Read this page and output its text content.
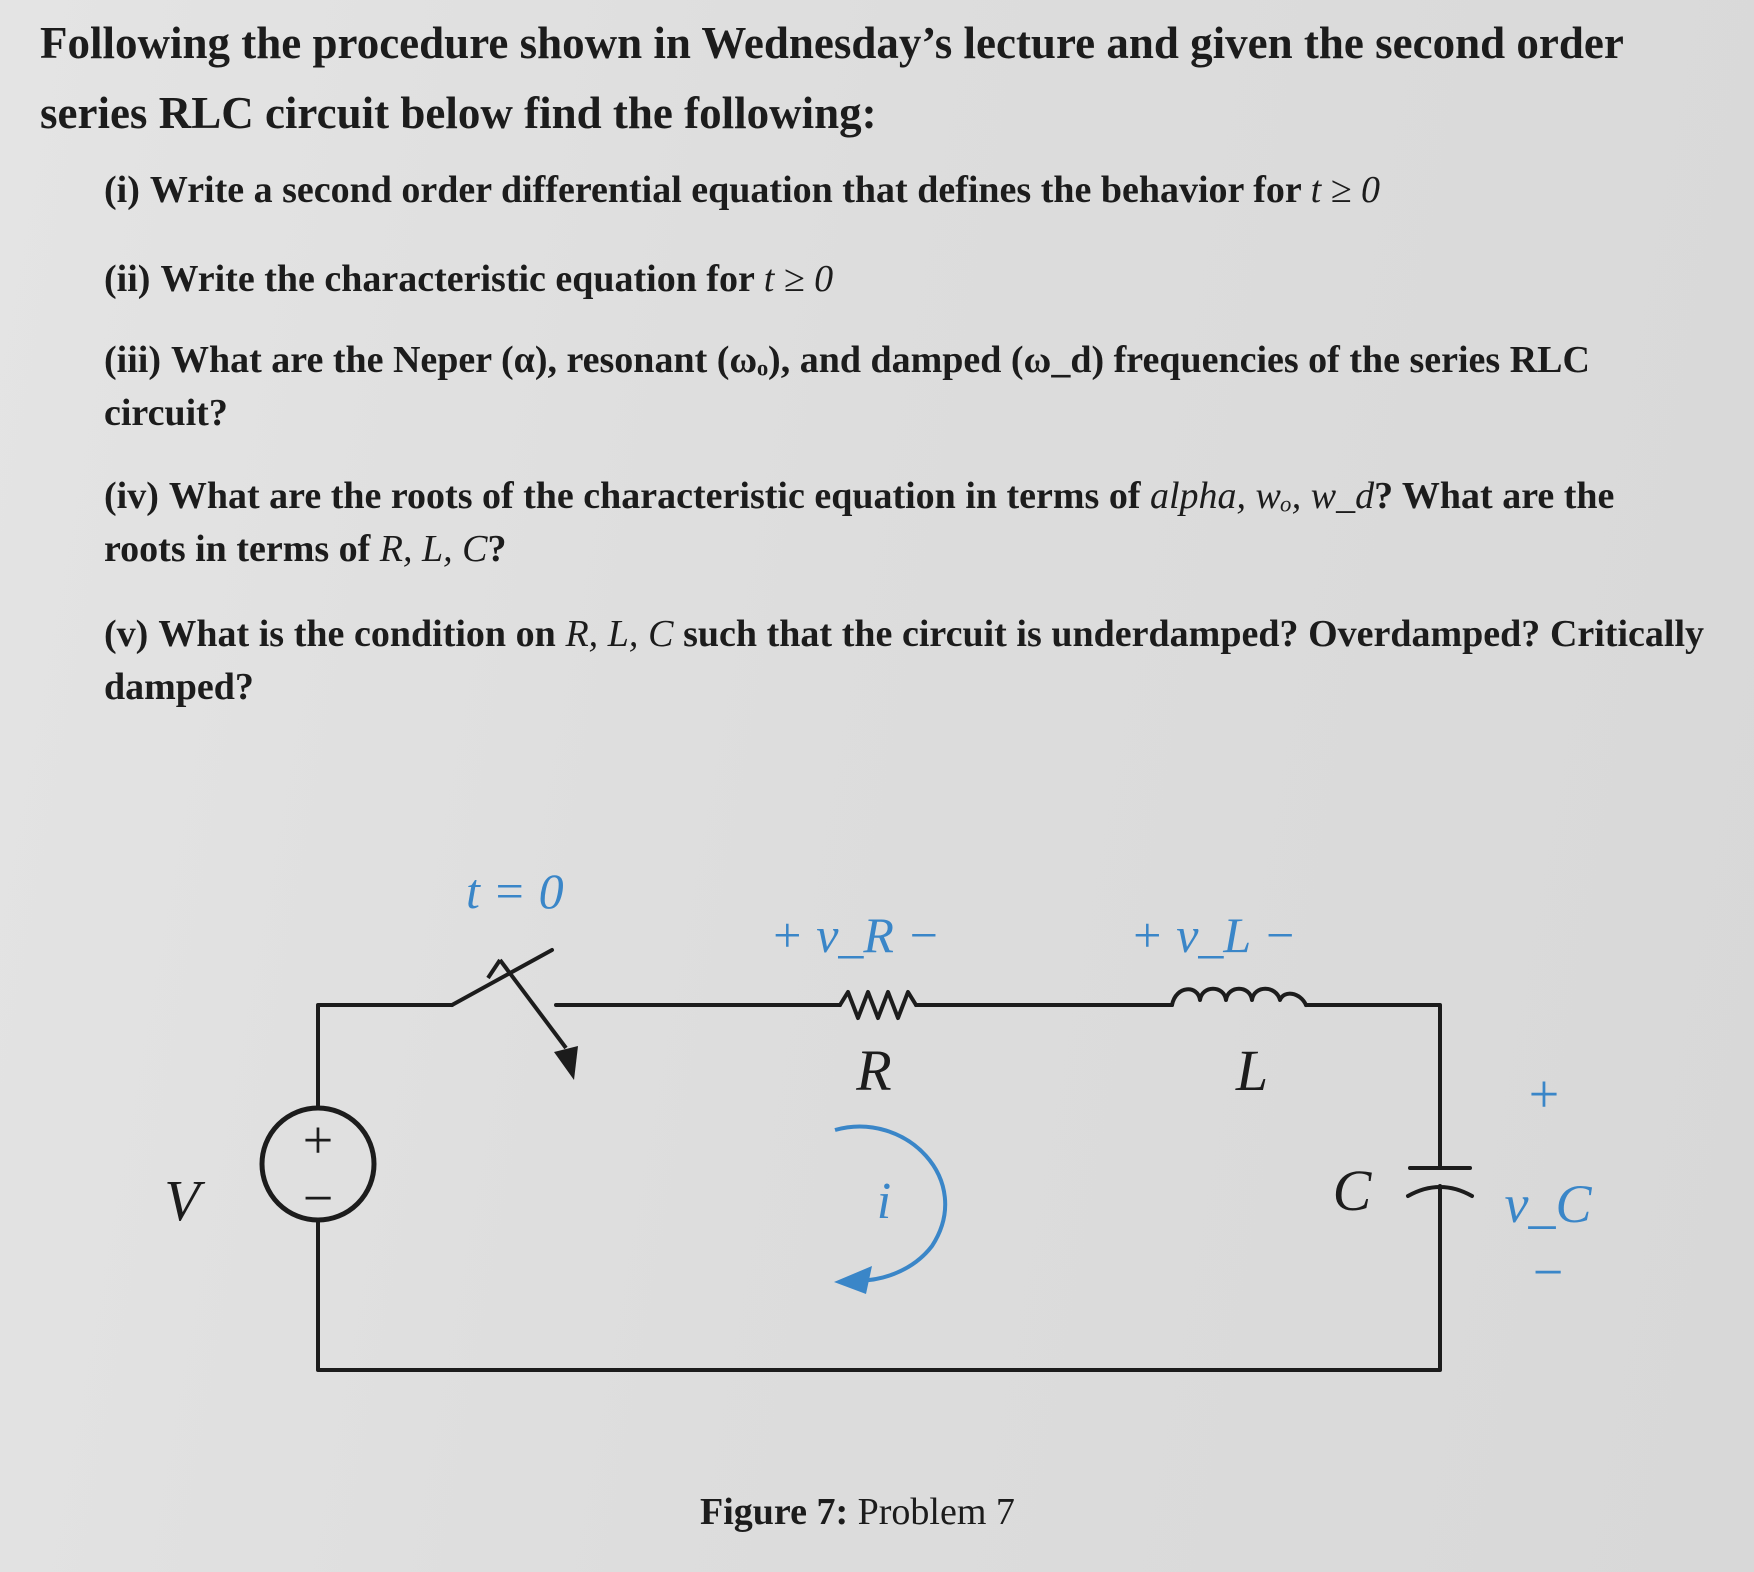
Following the procedure shown in Wednesday’s lecture and given the second order series RLC circuit below find the following:

(i) Write a second order differential equation that defines the behavior for t ≥ 0

(ii) Write the characteristic equation for t ≥ 0

(iii) What are the Neper (α), resonant (ωₒ), and damped (ω_d) frequencies of the series RLC circuit?

(iv) What are the roots of the characteristic equation in terms of alpha, wₒ, w_d? What are the roots in terms of R, L, C?

(v) What is the condition on R, L, C such that the circuit is underdamped? Overdamped? Critically damped?

t = 0
+ v_R −	+ v_L −
R	L
V
+
−	C
+
v_C
−
i

Figure 7: Problem 7
